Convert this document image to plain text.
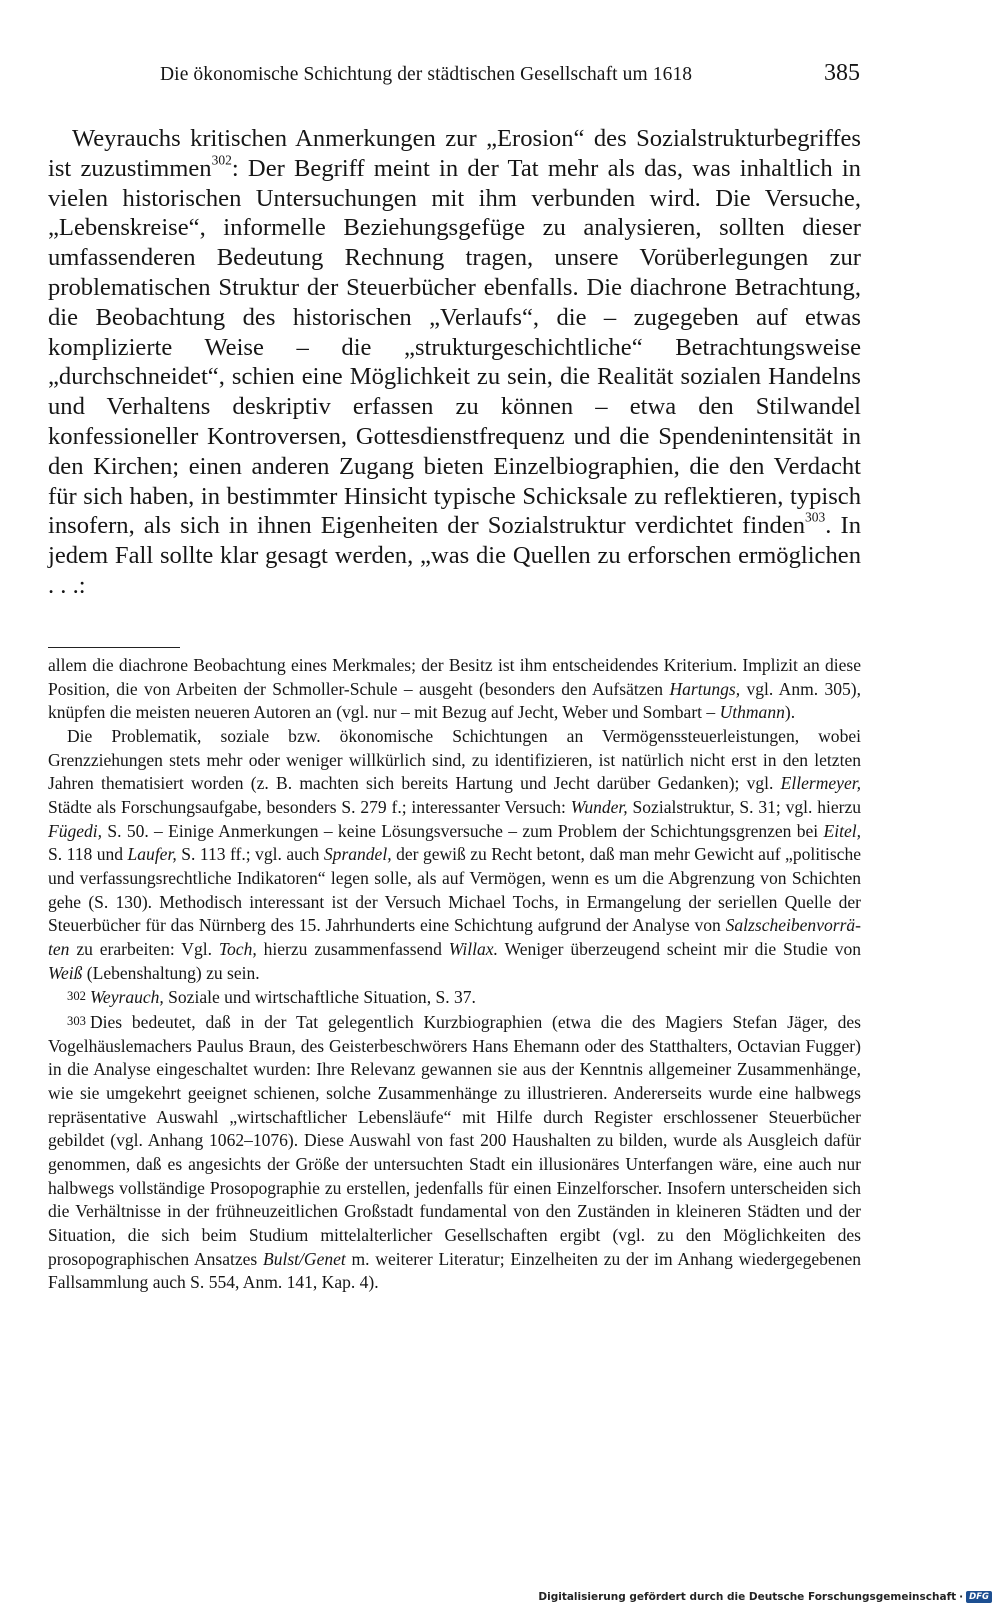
Die ökonomische Schichtung der städtischen Gesellschaft um 1618	385

Weyrauchs kritischen Anmerkungen zur „Erosion“ des Sozialstrukturbegriffes ist zuzustimmen$^{302}$: Der Begriff meint in der Tat mehr als das, was inhaltlich in vielen historischen Untersuchungen mit ihm verbunden wird. Die Versuche, „Lebenskreise“, informelle Beziehungsgefüge zu analysieren, sollten dieser umfassenderen Bedeutung Rechnung tragen, unsere Vorüberlegungen zur problematischen Struktur der Steuerbücher ebenfalls. Die diachrone Betrachtung, die Beobachtung des historischen „Verlaufs“, die – zugegeben auf etwas komplizierte Weise – die „strukturgeschichtliche“ Betrachtungsweise „durchschneidet“, schien eine Möglichkeit zu sein, die Realität sozialen Handelns und Verhaltens deskriptiv erfassen zu können – etwa den Stilwandel konfessioneller Kontroversen, Gottesdienstfrequenz und die Spendenintensität in den Kirchen; einen anderen Zugang bieten Einzelbiographien, die den Verdacht für sich haben, in bestimmter Hinsicht typische Schicksale zu reflektieren, typisch insofern, als sich in ihnen Eigenheiten der Sozialstruktur verdichtet finden$^{303}$. In jedem Fall sollte klar gesagt werden, „was die Quellen zu erforschen ermöglichen . . .:

allem die diachrone Beobachtung eines Merkmales; der Besitz ist ihm entscheidendes Kriterium. Implizit an diese Position, die von Arbeiten der Schmoller-Schule – ausgeht (besonders den Aufsätzen Hartungs, vgl. Anm. 305), knüpfen die meisten neueren Autoren an (vgl. nur – mit Bezug auf Jecht, Weber und Sombart – Uthmann).

Die Problematik, soziale bzw. ökonomische Schichtungen an Vermögenssteuerleistungen, wobei Grenzziehungen stets mehr oder weniger willkürlich sind, zu identifizieren, ist natürlich nicht erst in den letzten Jahren thematisiert worden (z. B. machten sich bereits Hartung und Jecht darüber Gedanken); vgl. Ellermeyer, Städte als Forschungsaufgabe, besonders S. 279 f.; interessanter Versuch: Wunder, Sozialstruktur, S. 31; vgl. hierzu Fügedi, S. 50. – Einige Anmerkungen – keine Lösungsversuche – zum Problem der Schichtungsgrenzen bei Eitel, S. 118 und Laufer, S. 113 ff.; vgl. auch Sprandel, der gewiß zu Recht betont, daß man mehr Gewicht auf „politische und verfassungsrechtliche Indikatoren“ legen solle, als auf Vermögen, wenn es um die Abgrenzung von Schichten gehe (S. 130). Methodisch interessant ist der Versuch Michael Tochs, in Ermangelung der seriellen Quelle der Steuerbücher für das Nürnberg des 15. Jahrhunderts eine Schichtung aufgrund der Analyse von Salzscheibenvorräten zu erarbeiten: Vgl. Toch, hierzu zusammenfassend Willax. Weniger überzeugend scheint mir die Studie von Weiß (Lebenshaltung) zu sein.

302 Weyrauch, Soziale und wirtschaftliche Situation, S. 37.

303 Dies bedeutet, daß in der Tat gelegentlich Kurzbiographien (etwa die des Magiers Stefan Jäger, des Vogelhäuslemachers Paulus Braun, des Geisterbeschwörers Hans Ehemann oder des Statthalters, Octavian Fugger) in die Analyse eingeschaltet wurden: Ihre Relevanz gewannen sie aus der Kenntnis allgemeiner Zusammenhänge, wie sie umgekehrt geeignet schienen, solche Zusammenhänge zu illustrieren. Andererseits wurde eine halbwegs repräsentative Auswahl „wirtschaftlicher Lebensläufe“ mit Hilfe durch Register erschlossener Steuerbücher gebildet (vgl. Anhang 1062–1076). Diese Auswahl von fast 200 Haushalten zu bilden, wurde als Ausgleich dafür genommen, daß es angesichts der Größe der untersuchten Stadt ein illusionäres Unterfangen wäre, eine auch nur halbwegs vollständige Prosopographie zu erstellen, jedenfalls für einen Einzelforscher. Insofern unterscheiden sich die Verhältnisse in der frühneuzeitlichen Großstadt fundamental von den Zuständen in kleineren Städten und der Situation, die sich beim Studium mittelalterlicher Gesellschaften ergibt (vgl. zu den Möglichkeiten des prosopographischen Ansatzes Bulst/Genet m. weiterer Literatur; Einzelheiten zu der im Anhang wiedergegebenen Fallsammlung auch S. 554, Anm. 141, Kap. 4).

Digitalisierung gefördert durch die Deutsche Forschungsgemeinschaft · DFG
